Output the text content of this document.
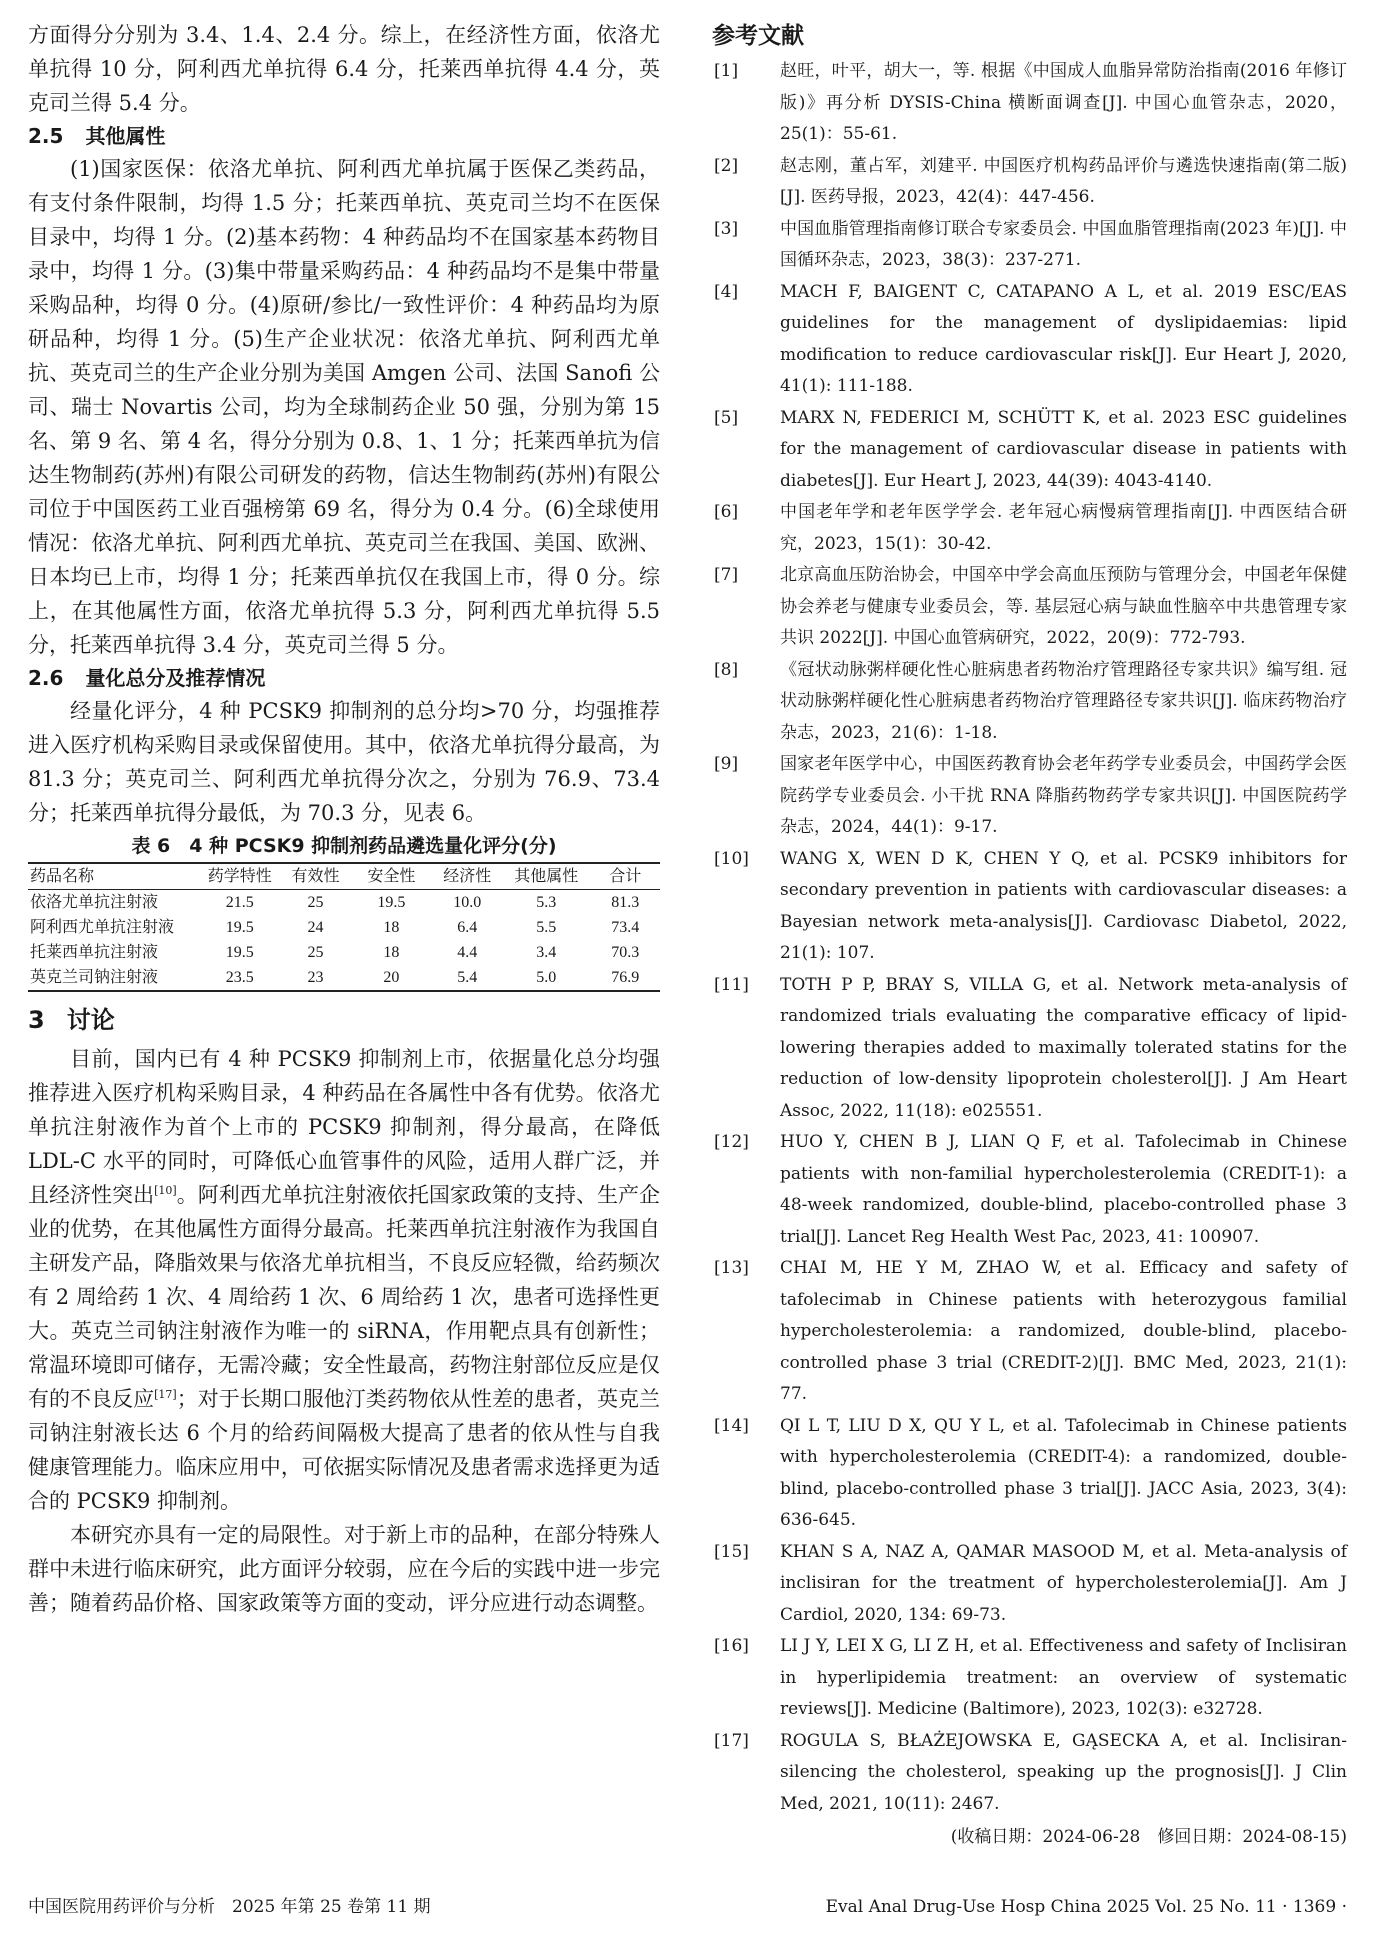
方面得分分别为 3.4、1.4、2.4 分。综上，在经济性方面，依洛尤单抗得 10 分，阿利西尤单抗得 6.4 分，托莱西单抗得 4.4 分，英克司兰得 5.4 分。

2.5 其他属性

(1)国家医保：依洛尤单抗、阿利西尤单抗属于医保乙类药品，有支付条件限制，均得 1.5 分；托莱西单抗、英克司兰均不在医保目录中，均得 1 分。(2)基本药物：4 种药品均不在国家基本药物目录中，均得 1 分。(3)集中带量采购药品：4 种药品均不是集中带量采购品种，均得 0 分。(4)原研/参比/一致性评价：4 种药品均为原研品种，均得 1 分。(5)生产企业状况：依洛尤单抗、阿利西尤单抗、英克司兰的生产企业分别为美国 Amgen 公司、法国 Sanofi 公司、瑞士 Novartis 公司，均为全球制药企业 50 强，分别为第 15 名、第 9 名、第 4 名，得分分别为 0.8、1、1 分；托莱西单抗为信达生物制药(苏州)有限公司研发的药物，信达生物制药(苏州)有限公司位于中国医药工业百强榜第 69 名，得分为 0.4 分。(6)全球使用情况：依洛尤单抗、阿利西尤单抗、英克司兰在我国、美国、欧洲、日本均已上市，均得 1 分；托莱西单抗仅在我国上市，得 0 分。综上，在其他属性方面，依洛尤单抗得 5.3 分，阿利西尤单抗得 5.5 分，托莱西单抗得 3.4 分，英克司兰得 5 分。

2.6 量化总分及推荐情况

经量化评分，4 种 PCSK9 抑制剂的总分均>70 分，均强推荐进入医疗机构采购目录或保留使用。其中，依洛尤单抗得分最高，为 81.3 分；英克司兰、阿利西尤单抗得分次之，分别为 76.9、73.4 分；托莱西单抗得分最低，为 70.3 分，见表 6。

表 6　4 种 PCSK9 抑制剂药品遴选量化评分(分)

药品名称	药学特性	有效性	安全性	经济性	其他属性	合计
依洛尤单抗注射液	21.5	25	19.5	10.0	5.3	81.3
阿利西尤单抗注射液	19.5	24	18	6.4	5.5	73.4
托莱西单抗注射液	19.5	25	18	4.4	3.4	70.3
英克兰司钠注射液	23.5	23	20	5.4	5.0	76.9
3 讨论

目前，国内已有 4 种 PCSK9 抑制剂上市，依据量化总分均强推荐进入医疗机构采购目录，4 种药品在各属性中各有优势。依洛尤单抗注射液作为首个上市的 PCSK9 抑制剂，得分最高，在降低 LDL-C 水平的同时，可降低心血管事件的风险，适用人群广泛，并且经济性突出[10]。阿利西尤单抗注射液依托国家政策的支持、生产企业的优势，在其他属性方面得分最高。托莱西单抗注射液作为我国自主研发产品，降脂效果与依洛尤单抗相当，不良反应轻微，给药频次有 2 周给药 1 次、4 周给药 1 次、6 周给药 1 次，患者可选择性更大。英克兰司钠注射液作为唯一的 siRNA，作用靶点具有创新性；常温环境即可储存，无需冷藏；安全性最高，药物注射部位反应是仅有的不良反应[17]；对于长期口服他汀类药物依从性差的患者，英克兰司钠注射液长达 6 个月的给药间隔极大提高了患者的依从性与自我健康管理能力。临床应用中，可依据实际情况及患者需求选择更为适合的 PCSK9 抑制剂。

本研究亦具有一定的局限性。对于新上市的品种，在部分特殊人群中未进行临床研究，此方面评分较弱，应在今后的实践中进一步完善；随着药品价格、国家政策等方面的变动，评分应进行动态调整。

参考文献
[1]	赵旺，叶平，胡大一，等. 根据《中国成人血脂异常防治指南(2016 年修订版)》再分析 DYSIS-China 横断面调查[J]. 中国心血管杂志，2020，25(1)：55-61.
[2]	赵志刚，董占军，刘建平. 中国医疗机构药品评价与遴选快速指南(第二版)[J]. 医药导报，2023，42(4)：447-456.
[3]	中国血脂管理指南修订联合专家委员会. 中国血脂管理指南(2023 年)[J]. 中国循环杂志，2023，38(3)：237-271.
[4]	MACH F, BAIGENT C, CATAPANO A L, et al. 2019 ESC/EAS guidelines for the management of dyslipidaemias: lipid modification to reduce cardiovascular risk[J]. Eur Heart J, 2020, 41(1): 111-188.
[5]	MARX N, FEDERICI M, SCHÜTT K, et al. 2023 ESC guidelines for the management of cardiovascular disease in patients with diabetes[J]. Eur Heart J, 2023, 44(39): 4043-4140.
[6]	中国老年学和老年医学学会. 老年冠心病慢病管理指南[J]. 中西医结合研究，2023，15(1)：30-42.
[7]	北京高血压防治协会，中国卒中学会高血压预防与管理分会，中国老年保健协会养老与健康专业委员会，等. 基层冠心病与缺血性脑卒中共患管理专家共识 2022[J]. 中国心血管病研究，2022，20(9)：772-793.
[8]	《冠状动脉粥样硬化性心脏病患者药物治疗管理路径专家共识》编写组. 冠状动脉粥样硬化性心脏病患者药物治疗管理路径专家共识[J]. 临床药物治疗杂志，2023，21(6)：1-18.
[9]	国家老年医学中心，中国医药教育协会老年药学专业委员会，中国药学会医院药学专业委员会. 小干扰 RNA 降脂药物药学专家共识[J]. 中国医院药学杂志，2024，44(1)：9-17.
[10]	WANG X, WEN D K, CHEN Y Q, et al. PCSK9 inhibitors for secondary prevention in patients with cardiovascular diseases: a Bayesian network meta-analysis[J]. Cardiovasc Diabetol, 2022, 21(1): 107.
[11]	TOTH P P, BRAY S, VILLA G, et al. Network meta-analysis of randomized trials evaluating the comparative efficacy of lipid-lowering therapies added to maximally tolerated statins for the reduction of low-density lipoprotein cholesterol[J]. J Am Heart Assoc, 2022, 11(18): e025551.
[12]	HUO Y, CHEN B J, LIAN Q F, et al. Tafolecimab in Chinese patients with non-familial hypercholesterolemia (CREDIT-1): a 48-week randomized, double-blind, placebo-controlled phase 3 trial[J]. Lancet Reg Health West Pac, 2023, 41: 100907.
[13]	CHAI M, HE Y M, ZHAO W, et al. Efficacy and safety of tafolecimab in Chinese patients with heterozygous familial hypercholesterolemia: a randomized, double-blind, placebo-controlled phase 3 trial (CREDIT-2)[J]. BMC Med, 2023, 21(1): 77.
[14]	QI L T, LIU D X, QU Y L, et al. Tafolecimab in Chinese patients with hypercholesterolemia (CREDIT-4): a randomized, double-blind, placebo-controlled phase 3 trial[J]. JACC Asia, 2023, 3(4): 636-645.
[15]	KHAN S A, NAZ A, QAMAR MASOOD M, et al. Meta-analysis of inclisiran for the treatment of hypercholesterolemia[J]. Am J Cardiol, 2020, 134: 69-73.
[16]	LI J Y, LEI X G, LI Z H, et al. Effectiveness and safety of Inclisiran in hyperlipidemia treatment: an overview of systematic reviews[J]. Medicine (Baltimore), 2023, 102(3): e32728.
[17]	ROGULA S, BŁAŻEJOWSKA E, GĄSECKA A, et al. Inclisiran-silencing the cholesterol, speaking up the prognosis[J]. J Clin Med, 2021, 10(11): 2467.

(收稿日期：2024-06-28　修回日期：2024-08-15)

中国医院用药评价与分析　2025 年第 25 卷第 11 期	Eval Anal Drug-Use Hosp China 2025 Vol. 25 No. 11 · 1369 ·
